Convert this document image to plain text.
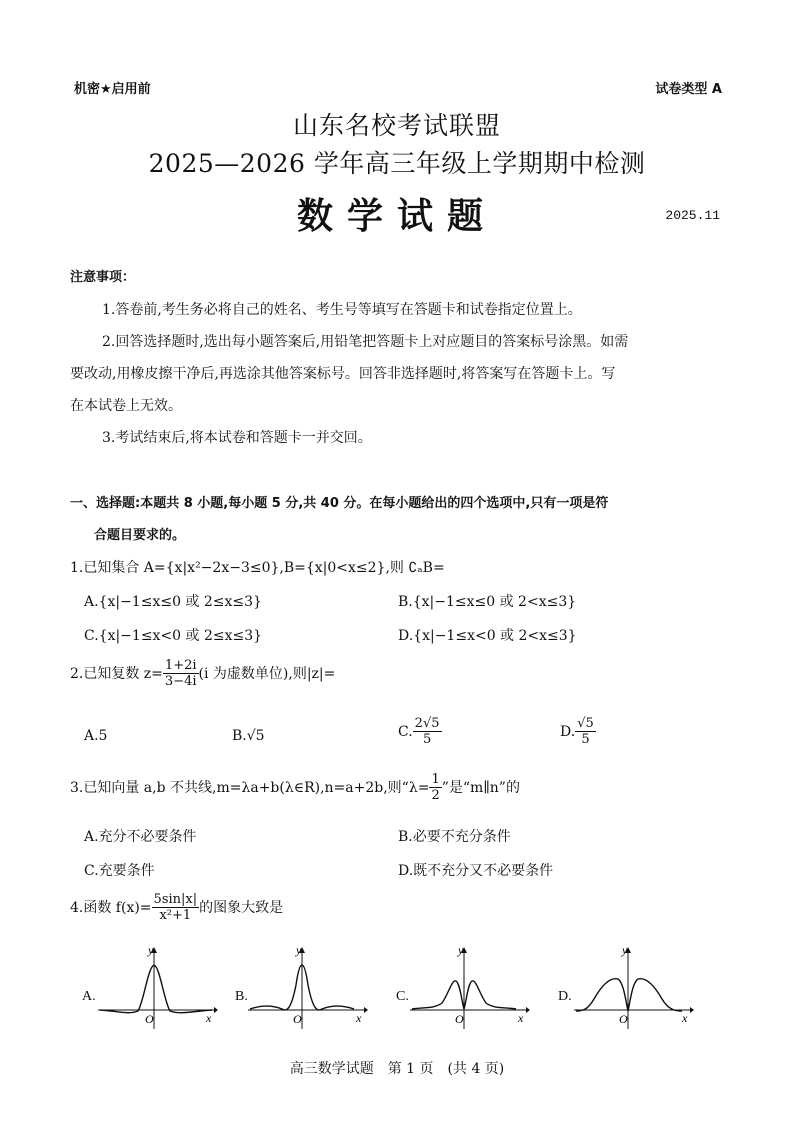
机密★启用前	试卷类型 A
山东名校考试联盟
2025—2026 学年高三年级上学期期中检测
数学试题	2025.11
注意事项：
1.答卷前,考生务必将自己的姓名、考生号等填写在答题卡和试卷指定位置上。
2.回答选择题时,选出每小题答案后,用铅笔把答题卡上对应题目的答案标号涂黑。如需
要改动,用橡皮擦干净后,再选涂其他答案标号。回答非选择题时,将答案写在答题卡上。写
在本试卷上无效。
3.考试结束后,将本试卷和答题卡一并交回。
一、选择题:本题共 8 小题,每小题 5 分,共 40 分。在每小题给出的四个选项中,只有一项是符
合题目要求的。
1.已知集合 A={x|x²−2x−3≤0},B={x|0<x≤2},则 ∁ₐB=
A.{x|−1≤x≤0 或 2≤x≤3}	B.{x|−1≤x≤0 或 2<x≤3}
C.{x|−1≤x<0 或 2≤x≤3}	D.{x|−1≤x<0 或 2<x≤3}
2.已知复数 $z= \frac{1+2i}{3-4i} (i$ 为虚数单位),则|z|=
A.5	B.√5	C. $\frac{2√5}{5}$	D. $\frac{√5}{5}$
3.已知向量 a,b 不共线,m=λa+b(λ∈R),n=a+2b,则“$\lambda= \frac{1}{2}$ ”是“m∥n”的
A.充分不必要条件	B.必要不充分条件
C.充要条件	D.既不充分又不必要条件
4.函数 $f(x)= \frac{5\sin|x|}{\text{x²+1}}$ 的图象大致是
A.
y
x
O
B.
y
x
O
C.
y
x
O
D.
y
x
O
高三数学试题　第 1 页　(共 4 页)
